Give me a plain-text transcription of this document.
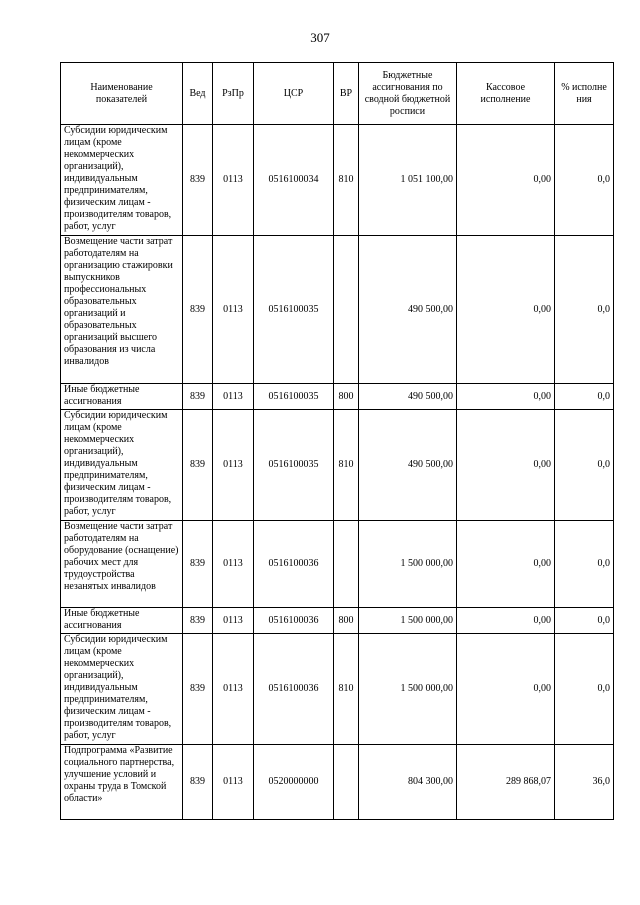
307
Наименование показателей	Вед	РзПр	ЦСР	ВР	Бюджетные ассигнования по сводной бюджетной росписи	Кассовое исполнение	% исполне ния
Субсидии юридическим лицам (кроме некоммерческих организаций), индивидуальным предпринимателям, физическим лицам - производителям товаров, работ, услуг	839	0113	0516100034	810	1 051 100,00	0,00	0,0
Возмещение части затрат работодателям на организацию стажировки выпускников профессиональных образовательных организаций и образовательных организаций высшего образования из числа инвалидов	839	0113	0516100035		490 500,00	0,00	0,0
Иные бюджетные ассигнования	839	0113	0516100035	800	490 500,00	0,00	0,0
Субсидии юридическим лицам (кроме некоммерческих организаций), индивидуальным предпринимателям, физическим лицам - производителям товаров, работ, услуг	839	0113	0516100035	810	490 500,00	0,00	0,0
Возмещение части затрат работодателям на оборудование (оснащение) рабочих мест для трудоустройства незанятых инвалидов	839	0113	0516100036		1 500 000,00	0,00	0,0
Иные бюджетные ассигнования	839	0113	0516100036	800	1 500 000,00	0,00	0,0
Субсидии юридическим лицам (кроме некоммерческих организаций), индивидуальным предпринимателям, физическим лицам - производителям товаров, работ, услуг	839	0113	0516100036	810	1 500 000,00	0,00	0,0
Подпрограмма «Развитие социального партнерства, улучшение условий и охраны труда в Томской области»	839	0113	0520000000		804 300,00	289 868,07	36,0
